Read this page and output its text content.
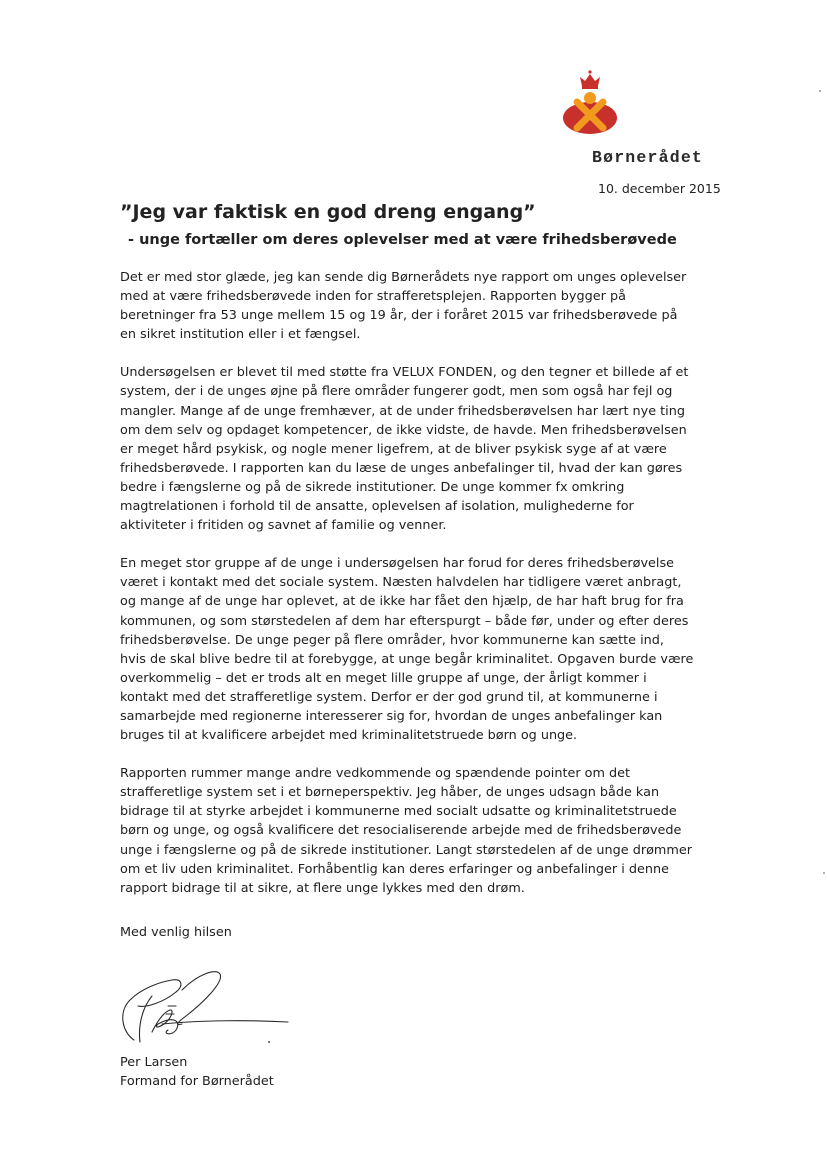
Børnerådet
10. december 2015
”Jeg var faktisk en god dreng engang”
- unge fortæller om deres oplevelser med at være frihedsberøvede

Det er med stor glæde, jeg kan sende dig Børnerådets nye rapport om unges oplevelser
med at være frihedsberøvede inden for strafferetsplejen. Rapporten bygger på
beretninger fra 53 unge mellem 15 og 19 år, der i foråret 2015 var frihedsberøvede på
en sikret institution eller i et fængsel.

Undersøgelsen er blevet til med støtte fra VELUX FONDEN, og den tegner et billede af et
system, der i de unges øjne på flere områder fungerer godt, men som også har fejl og
mangler. Mange af de unge fremhæver, at de under frihedsberøvelsen har lært nye ting
om dem selv og opdaget kompetencer, de ikke vidste, de havde. Men frihedsberøvelsen
er meget hård psykisk, og nogle mener ligefrem, at de bliver psykisk syge af at være
frihedsberøvede. I rapporten kan du læse de unges anbefalinger til, hvad der kan gøres
bedre i fængslerne og på de sikrede institutioner. De unge kommer fx omkring
magtrelationen i forhold til de ansatte, oplevelsen af isolation, mulighederne for
aktiviteter i fritiden og savnet af familie og venner.

En meget stor gruppe af de unge i undersøgelsen har forud for deres frihedsberøvelse
været i kontakt med det sociale system. Næsten halvdelen har tidligere været anbragt,
og mange af de unge har oplevet, at de ikke har fået den hjælp, de har haft brug for fra
kommunen, og som størstedelen af dem har efterspurgt – både før, under og efter deres
frihedsberøvelse. De unge peger på flere områder, hvor kommunerne kan sætte ind,
hvis de skal blive bedre til at forebygge, at unge begår kriminalitet. Opgaven burde være
overkommelig – det er trods alt en meget lille gruppe af unge, der årligt kommer i
kontakt med det strafferetlige system. Derfor er der god grund til, at kommunerne i
samarbejde med regionerne interesserer sig for, hvordan de unges anbefalinger kan
bruges til at kvalificere arbejdet med kriminalitetstruede børn og unge.

Rapporten rummer mange andre vedkommende og spændende pointer om det
strafferetlige system set i et børneperspektiv. Jeg håber, de unges udsagn både kan
bidrage til at styrke arbejdet i kommunerne med socialt udsatte og kriminalitetstruede
børn og unge, og også kvalificere det resocialiserende arbejde med de frihedsberøvede
unge i fængslerne og på de sikrede institutioner. Langt størstedelen af de unge drømmer
om et liv uden kriminalitet. Forhåbentlig kan deres erfaringer og anbefalinger i denne
rapport bidrage til at sikre, at flere unge lykkes med den drøm.

Med venlig hilsen
Per Larsen
Formand for Børnerådet
